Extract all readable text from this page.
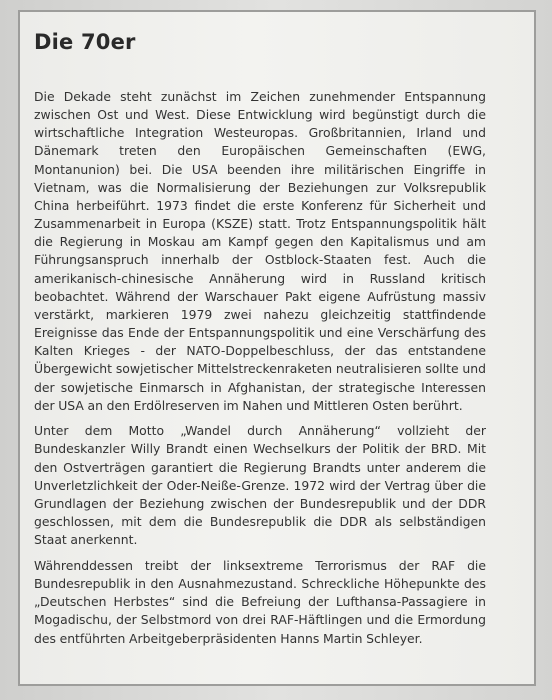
Die 70er

Die Dekade steht zunächst im Zeichen zunehmender Entspannung zwischen Ost und West. Diese Entwicklung wird begünstigt durch die wirtschaftliche Integration Westeuropas. Großbritannien, Irland und Dänemark treten den Europäischen Gemeinschaften (EWG, Montanunion) bei. Die USA beenden ihre militärischen Eingriffe in Vietnam, was die Normalisierung der Beziehungen zur Volksrepublik China herbeiführt. 1973 findet die erste Konferenz für Sicherheit und Zusammenarbeit in Europa (KSZE) statt. Trotz Entspannungspolitik hält die Regierung in Moskau am Kampf gegen den Kapitalismus und am Führungsanspruch innerhalb der Ostblock-Staaten fest. Auch die amerikanisch-chinesische Annäherung wird in Russland kritisch beobachtet. Während der Warschauer Pakt eigene Aufrüstung massiv verstärkt, markieren 1979 zwei nahezu gleichzeitig stattfindende Ereignisse das Ende der Entspannungspolitik und eine Verschärfung des Kalten Krieges - der NATO-Doppelbeschluss, der das entstandene Übergewicht sowjetischer Mittelstreckenraketen neutralisieren sollte und der sowjetische Einmarsch in Afghanistan, der strategische Interessen der USA an den Erdölreserven im Nahen und Mittleren Osten berührt.

Unter dem Motto „Wandel durch Annäherung“ vollzieht der Bundeskanzler Willy Brandt einen Wechselkurs der Politik der BRD. Mit den Ostverträgen garantiert die Regierung Brandts unter anderem die Unverletzlichkeit der Oder-Neiße-Grenze. 1972 wird der Vertrag über die Grundlagen der Beziehung zwischen der Bundesrepublik und der DDR geschlossen, mit dem die Bundesrepublik die DDR als selbständigen Staat anerkennt.

Währenddessen treibt der linksextreme Terrorismus der RAF die Bundesrepublik in den Ausnahmezustand. Schreckliche Höhepunkte des „Deutschen Herbstes“ sind die Befreiung der Lufthansa-Passagiere in Mogadischu, der Selbstmord von drei RAF-Häftlingen und die Ermordung des entführten Arbeitgeberpräsidenten Hanns Martin Schleyer.
